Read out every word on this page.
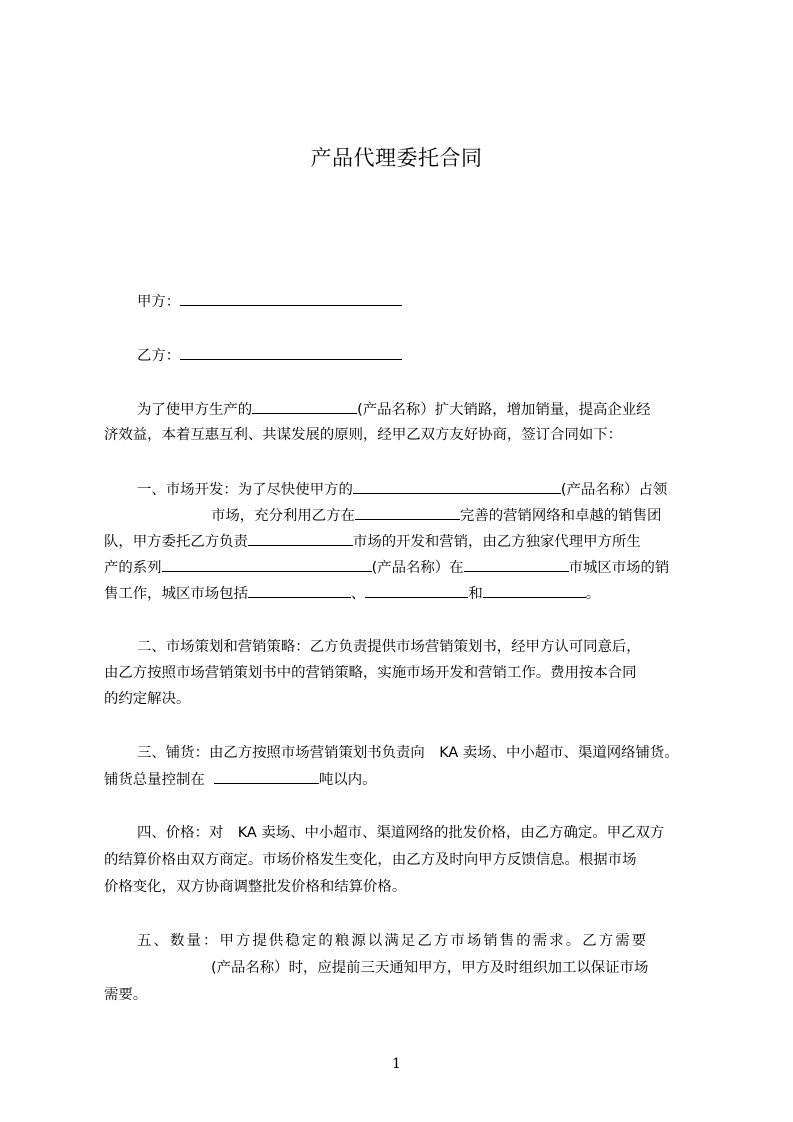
产品代理委托合同
甲方：
乙方：
为了使甲方生产的	(产品名称）扩大销路，增加销量，提高企业经
济效益，本着互惠互利、共谋发展的原则，经甲乙双方友好协商，签订合同如下：
一、市场开发：为了尽快使甲方的	(产品名称）占领
市场，充分利用乙方在	完善的营销网络和卓越的销售团
队，甲方委托乙方负责	市场的开发和营销，由乙方独家代理甲方所生
产的系列	(产品名称）在	市城区市场的销
售工作，城区市场包括	、	和	。
二、市场策划和营销策略：乙方负责提供市场营销策划书，经甲方认可同意后，
由乙方按照市场营销策划书中的营销策略，实施市场开发和营销工作。费用按本合同
的约定解决。
三、铺货：由乙方按照市场营销策划书负责向　KA 卖场、中小超市、渠道网络铺货。
铺货总量控制在	吨以内。
四、价格：对　KA 卖场、中小超市、渠道网络的批发价格，由乙方确定。甲乙双方
的结算价格由双方商定。市场价格发生变化，由乙方及时向甲方反馈信息。根据市场
价格变化，双方协商调整批发价格和结算价格。
五、数量：甲方提供稳定的粮源以满足乙方市场销售的需求。乙方需要
(产品名称）时，应提前三天通知甲方，甲方及时组织加工以保证市场
需要。
1
